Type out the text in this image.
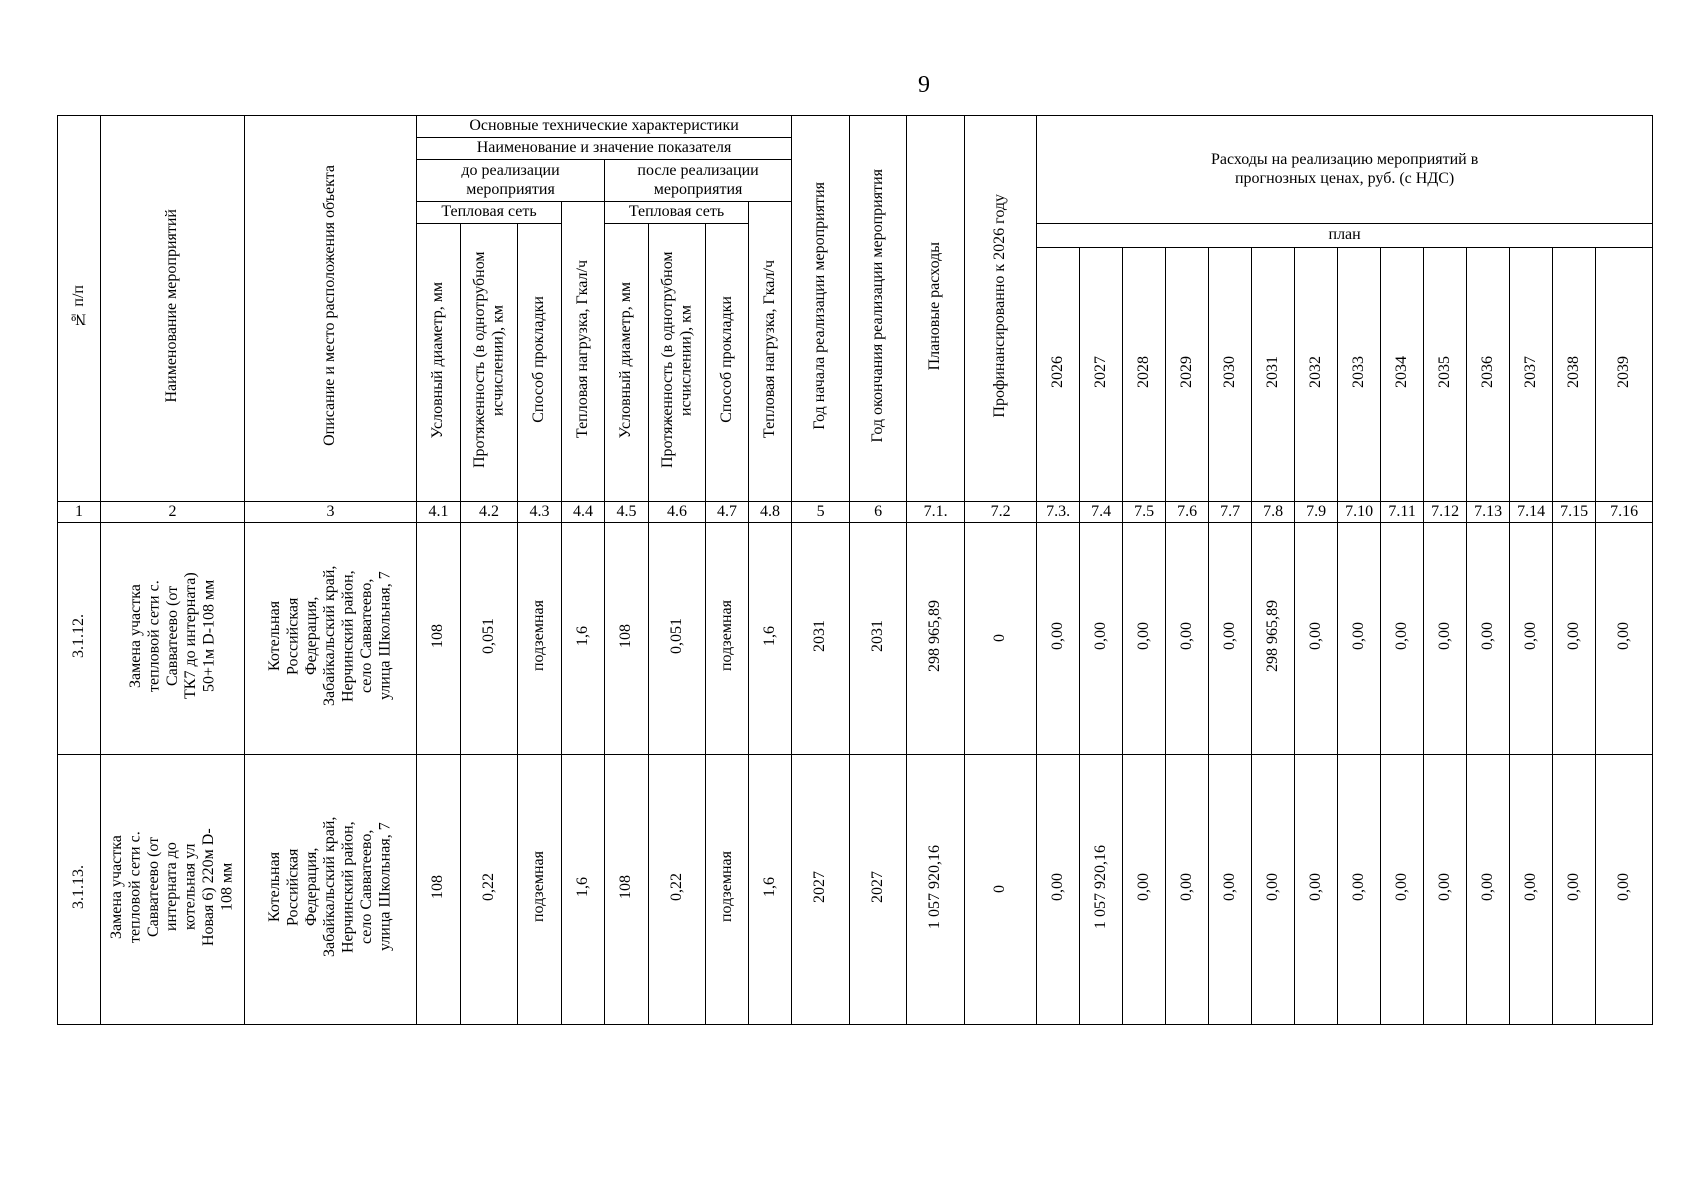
9
№ п/п	Наименование мероприятий	Описание и место расположения объекта	Основные технические характеристики								Год начала реализации мероприятия	Год окончания реализации мероприятия	Плановые расходы	Профинансированно к 2026 году	Расходы на реализацию мероприятий в прогнозных ценах, руб. (с НДС)													

			Наименование и значение показателя																									

			до реализации мероприятия				после реализации мероприятия																					

			Тепловая сеть			Тепловая нагрузка, Гкал/ч	Тепловая сеть			Тепловая нагрузка, Гкал/ч																		
			Условный диаметр, мм	Протяженность (в однотрубном исчислении), км	Способ прокладки		Условный диаметр, мм	Протяженность (в однотрубном исчислении), км	Способ прокладки						план													
															2026	2027	2028	2029	2030	2031	2032	2033	2034	2035	2036	2037	2038	2039
1	2	3	4.1	4.2	4.3	4.4	4.5	4.6	4.7	4.8	5	6	7.1.	7.2	7.3.	7.4	7.5	7.6	7.7	7.8	7.9	7.10	7.11	7.12	7.13	7.14	7.15	7.16
3.1.12.	Замена участка тепловой сети с. Савватеево (от ТК7 до интерната) 50+1м D-108 мм	Котельная Российская Федерация, Забайкальский край, Нерчинский район, село Савватеево, улица Школьная, 7	108	0,051	подземная	1,6	108	0,051	подземная	1,6	2031	2031	298 965,89	0	0,00	0,00	0,00	0,00	0,00	298 965,89	0,00	0,00	0,00	0,00	0,00	0,00	0,00	0,00
3.1.13.	Замена участка тепловой сети с. Савватеево (от интерната до котельная ул Новая 6) 220м D-108 мм	Котельная Российская Федерация, Забайкальский край, Нерчинский район, село Савватеево, улица Школьная, 7	108	0,22	подземная	1,6	108	0,22	подземная	1,6	2027	2027	1 057 920,16	0	0,00	1 057 920,16	0,00	0,00	0,00	0,00	0,00	0,00	0,00	0,00	0,00	0,00	0,00	0,00
